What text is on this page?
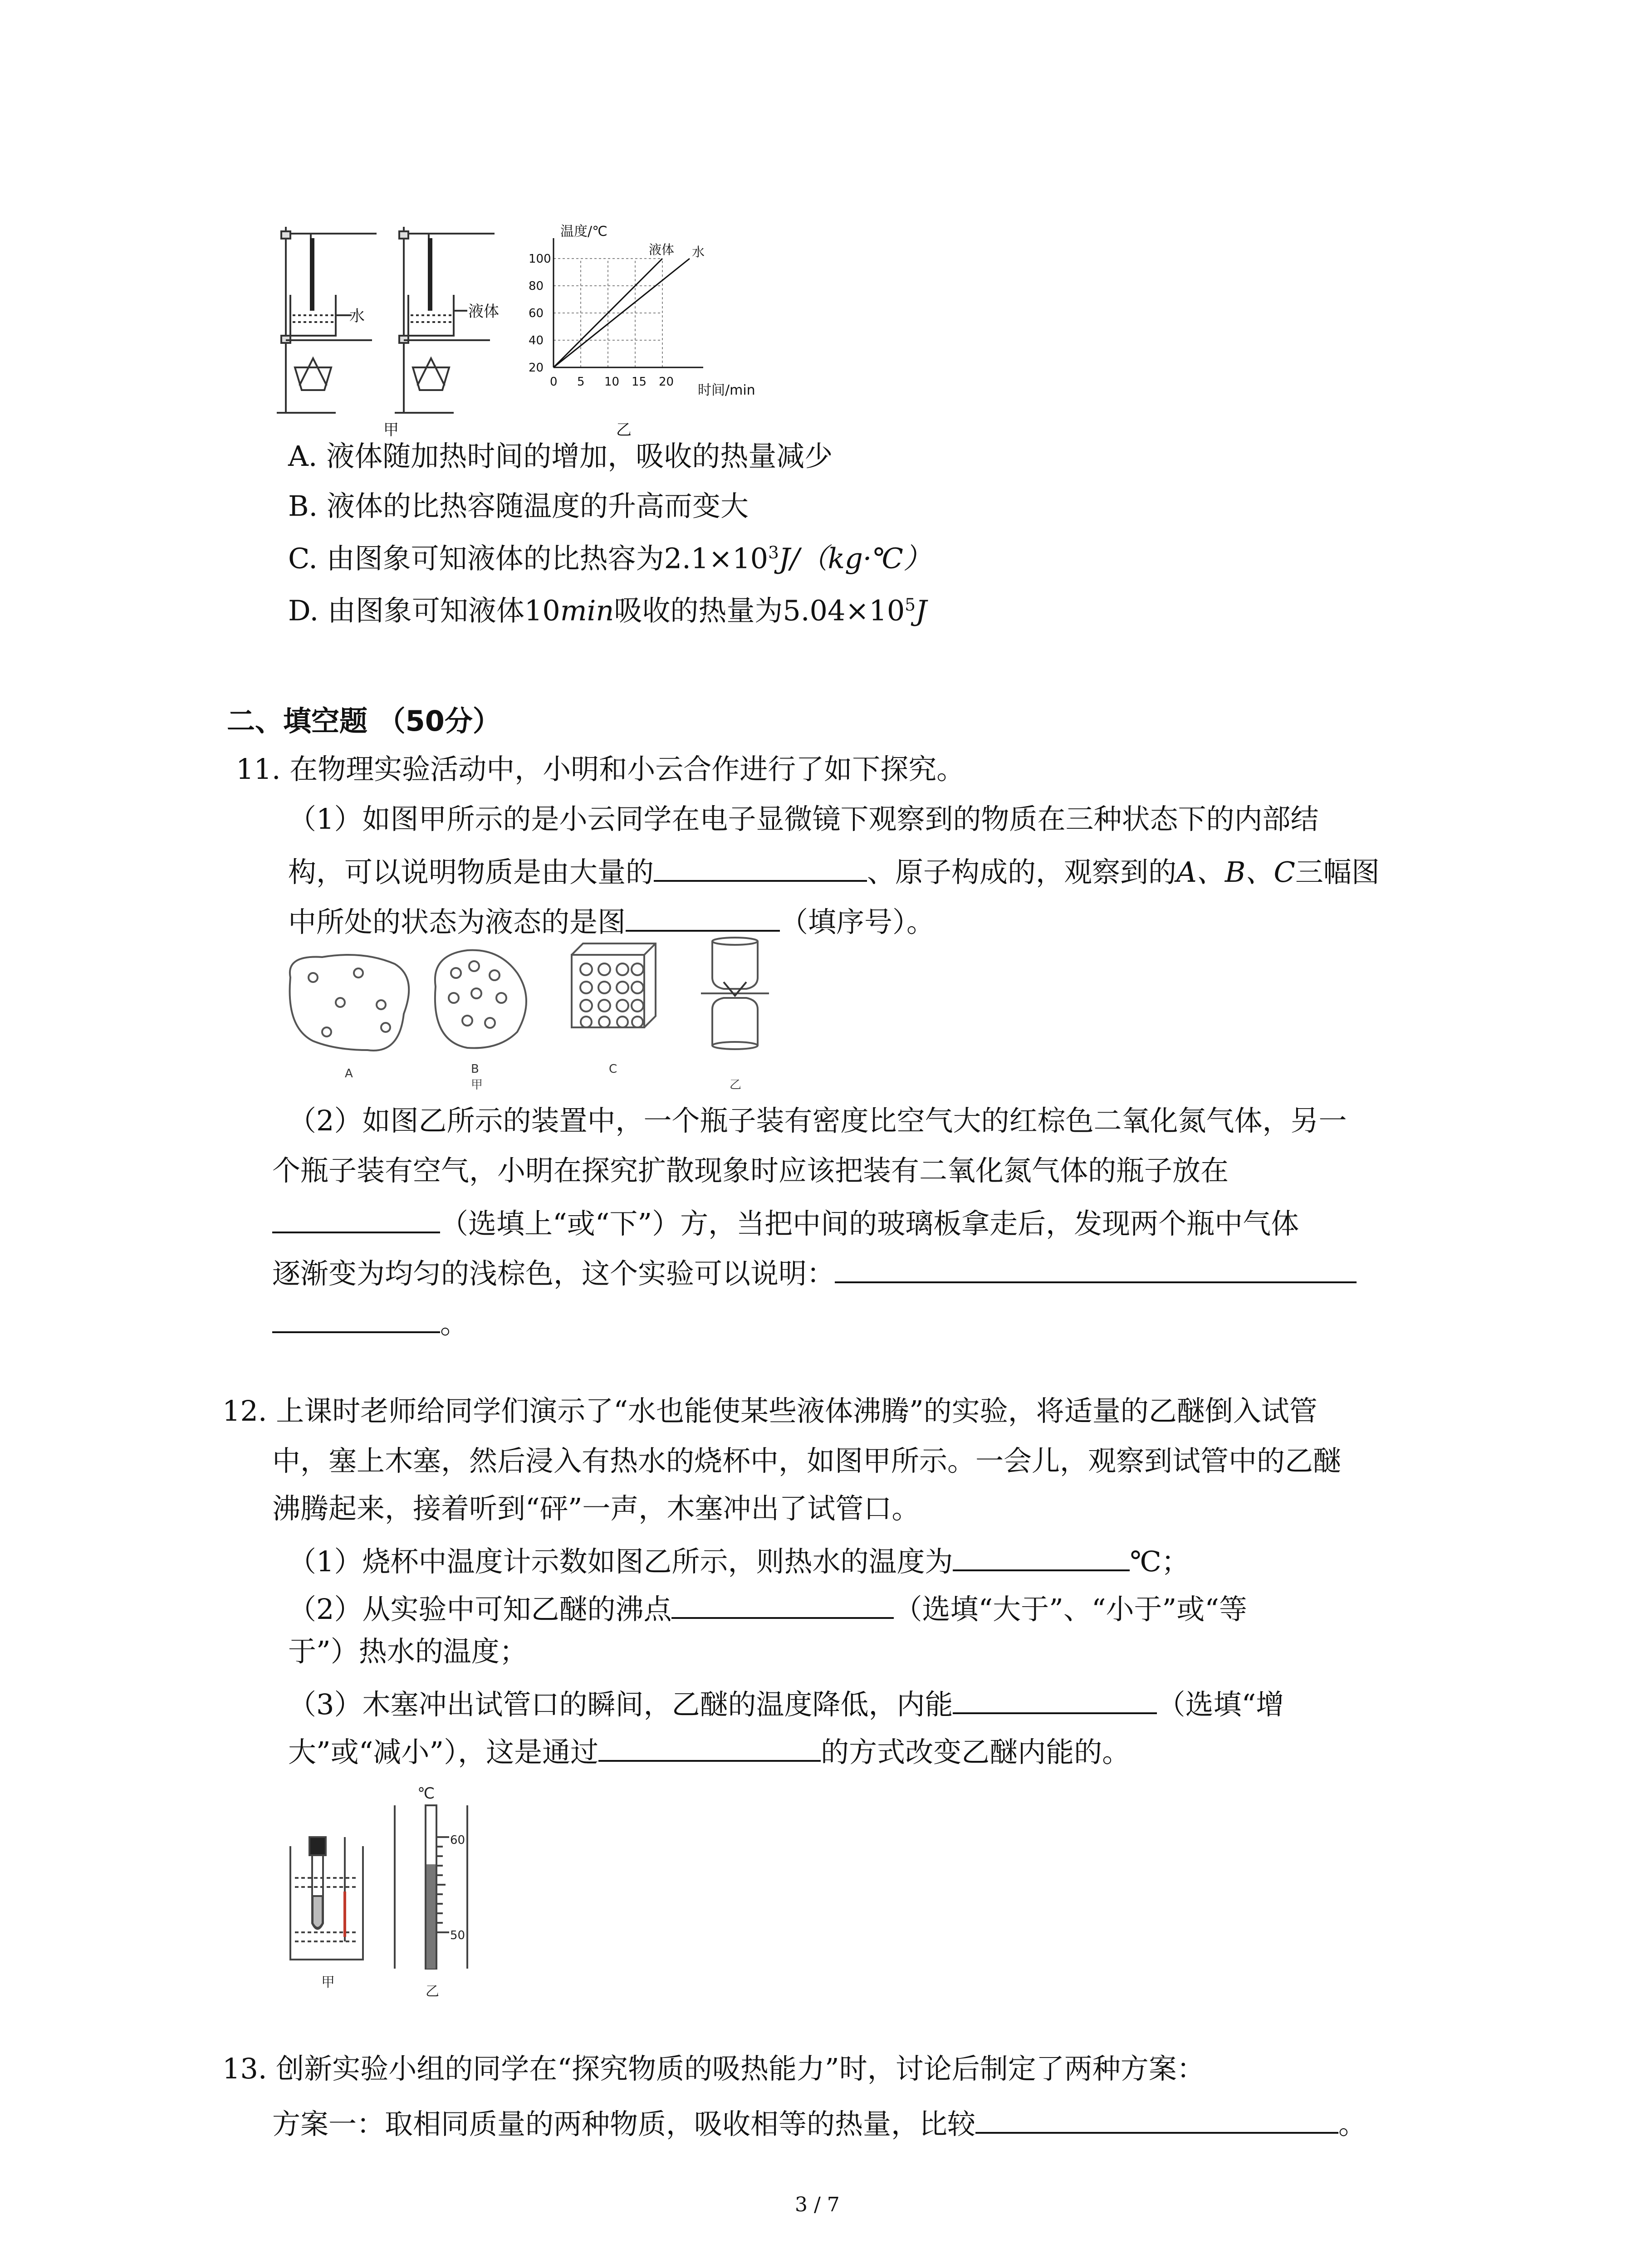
水	液体
甲
温度/℃
时间/min
0 5 10 15 20
20
40
60
80
100
液体 水
乙
A. 液体随加热时间的增加，吸收的热量减少
B. 液体的比热容随温度的升高而变大
C. 由图象可知液体的比热容为$2.1\times 10^3J/(kg\cdot℃)$
D. 由图象可知液体10min吸收的热量为$5.04\times 10^5J$
二、填空题 （50分）
11. 在物理实验活动中，小明和小云合作进行了如下探究。
（1）如图甲所示的是小云同学在电子显微镜下观察到的物质在三种状态下的内部结
构，可以说明物质是由大量的	、原子构成的，观察到的A、B、C三幅图
中所处的状态为液态的是图	（填序号）。
A	B	C
甲	乙
（2）如图乙所示的装置中，一个瓶子装有密度比空气大的红棕色二氧化氮气体，另一
个瓶子装有空气，小明在探究扩散现象时应该把装有二氧化氮气体的瓶子放在
（选填上“或“下”）方，当把中间的玻璃板拿走后，发现两个瓶中气体
逐渐变为均匀的浅棕色，这个实验可以说明：
。
12. 上课时老师给同学们演示了“水也能使某些液体沸腾”的实验，将适量的乙醚倒入试管
中，塞上木塞，然后浸入有热水的烧杯中，如图甲所示。一会儿，观察到试管中的乙醚
沸腾起来，接着听到“砰”一声，木塞冲出了试管口。
（1）烧杯中温度计示数如图乙所示，则热水的温度为	℃；
（2）从实验中可知乙醚的沸点	（选填“大于”、“小于”或“等
于”）热水的温度；
（3）木塞冲出试管口的瞬间，乙醚的温度降低，内能	（选填“增
大”或“减小”），这是通过	的方式改变乙醚内能的。
℃
60
50
甲
乙
13. 创新实验小组的同学在“探究物质的吸热能力”时，讨论后制定了两种方案：
方案一：取相同质量的两种物质，吸收相等的热量，比较	。
3 / 7
